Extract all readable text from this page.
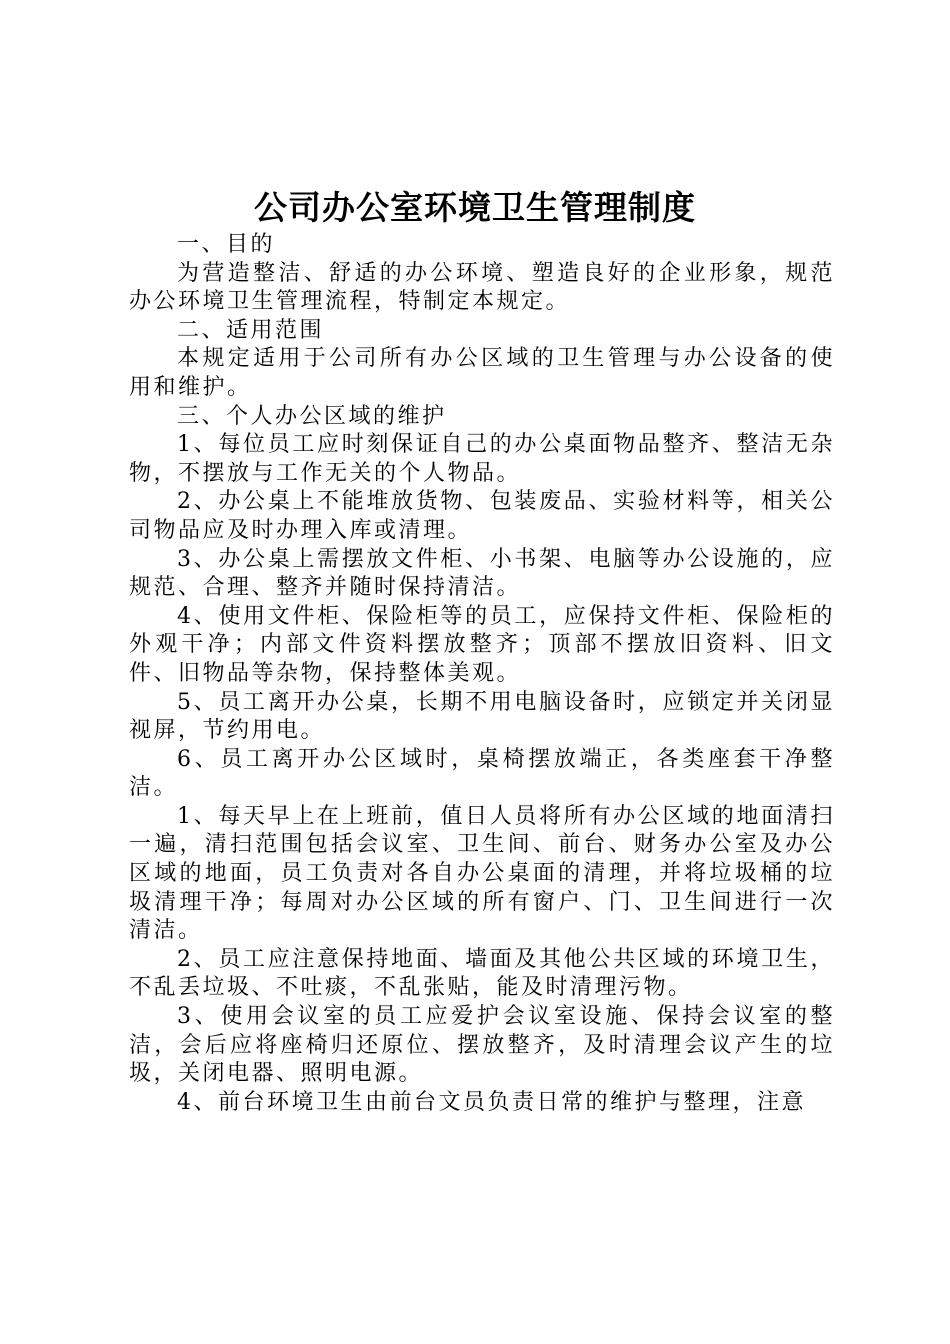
公司办公室环境卫生管理制度

一、目的

为营造整洁、舒适的办公环境、塑造良好的企业形象，规范办公环境卫生管理流程，特制定本规定。

二、适用范围

本规定适用于公司所有办公区域的卫生管理与办公设备的使用和维护。

三、个人办公区域的维护

1、每位员工应时刻保证自己的办公桌面物品整齐、整洁无杂物，不摆放与工作无关的个人物品。

2、办公桌上不能堆放货物、包装废品、实验材料等，相关公司物品应及时办理入库或清理。

3、办公桌上需摆放文件柜、小书架、电脑等办公设施的，应规范、合理、整齐并随时保持清洁。

4、使用文件柜、保险柜等的员工，应保持文件柜、保险柜的外观干净；内部文件资料摆放整齐；顶部不摆放旧资料、旧文件、旧物品等杂物，保持整体美观。

5、员工离开办公桌，长期不用电脑设备时，应锁定并关闭显视屏，节约用电。

6、员工离开办公区域时，桌椅摆放端正，各类座套干净整洁。

1、每天早上在上班前，值日人员将所有办公区域的地面清扫一遍，清扫范围包括会议室、卫生间、前台、财务办公室及办公区域的地面，员工负责对各自办公桌面的清理，并将垃圾桶的垃圾清理干净；每周对办公区域的所有窗户、门、卫生间进行一次清洁。

2、员工应注意保持地面、墙面及其他公共区域的环境卫生，不乱丢垃圾、不吐痰，不乱张贴，能及时清理污物。

3、使用会议室的员工应爱护会议室设施、保持会议室的整洁，会后应将座椅归还原位、摆放整齐，及时清理会议产生的垃圾，关闭电器、照明电源。

4、前台环境卫生由前台文员负责日常的维护与整理，注意
